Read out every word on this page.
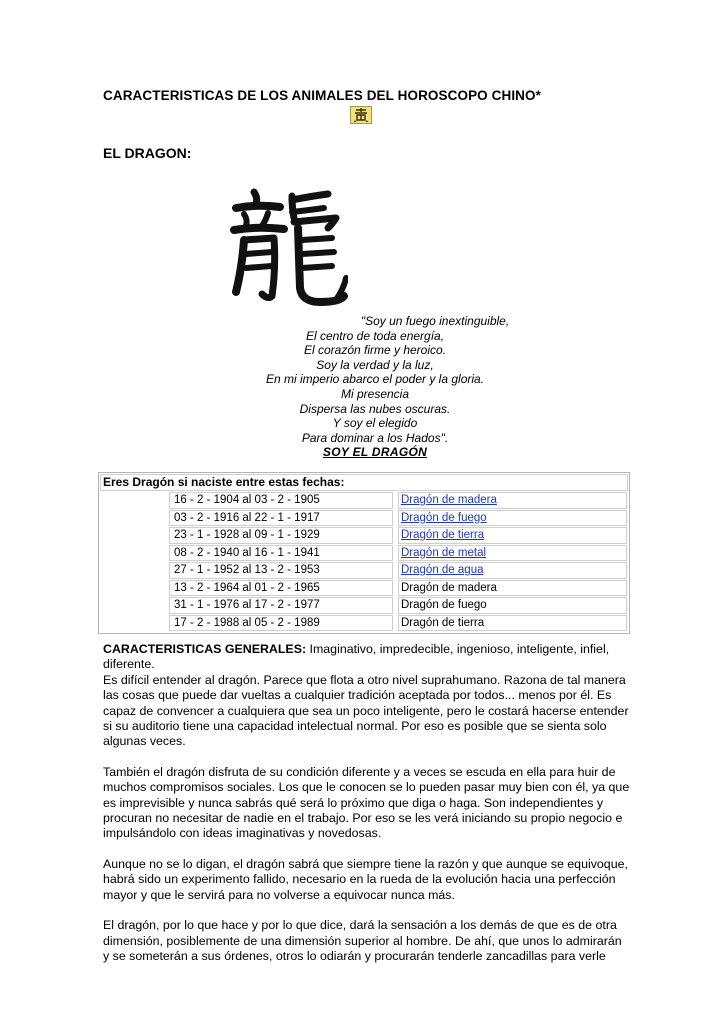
CARACTERISTICAS DE LOS ANIMALES DEL HOROSCOPO CHINO*
EL DRAGON:
"Soy un fuego inextinguible,
El centro de toda energía,
El corazón firme y heroico.
Soy la verdad y la luz,
En mi imperio abarco el poder y la gloria.
Mi presencia
Dispersa las nubes oscuras.
Y soy el elegido
Para dominar a los Hados".
SOY EL DRAGÓN
Eres Dragón si naciste entre estas fechas:
16 - 2 - 1904 al 03 - 2 - 1905	Dragón de madera
03 - 2 - 1916 al 22 - 1 - 1917	Dragón de fuego
23 - 1 - 1928 al 09 - 1 - 1929	Dragón de tierra
08 - 2 - 1940 al 16 - 1 - 1941	Dragón de metal
27 - 1 - 1952 al 13 - 2 - 1953	Dragón de agua
13 - 2 - 1964 al 01 - 2 - 1965	Dragón de madera
31 - 1 - 1976 al 17 - 2 - 1977	Dragón de fuego
17 - 2 - 1988 al 05 - 2 - 1989	Dragón de tierra

CARACTERISTICAS GENERALES: Imaginativo, impredecible, ingenioso, inteligente, infiel, diferente.
Es difícil entender al dragón. Parece que flota a otro nivel suprahumano. Razona de tal manera las cosas que puede dar vueltas a cualquier tradición aceptada por todos... menos por él. Es capaz de convencer a cualquiera que sea un poco inteligente, pero le costará hacerse entender si su auditorio tiene una capacidad intelectual normal. Por eso es posible que se sienta solo algunas veces.

También el dragón disfruta de su condición diferente y a veces se escuda en ella para huir de muchos compromisos sociales. Los que le conocen se lo pueden pasar muy bien con él, ya que es imprevisible y nunca sabrás qué será lo próximo que diga o haga. Son independientes y procuran no necesitar de nadie en el trabajo. Por eso se les verá iniciando su propio negocio e impulsándolo con ideas imaginativas y novedosas.

Aunque no se lo digan, el dragón sabrá que siempre tiene la razón y que aunque se equivoque, habrá sido un experimento fallido, necesario en la rueda de la evolución hacia una perfección mayor y que le servirá para no volverse a equivocar nunca más.

El dragón, por lo que hace y por lo que dice, dará la sensación a los demás de que es de otra dimensión, posiblemente de una dimensión superior al hombre. De ahí, que unos lo admirarán y se someterán a sus órdenes, otros lo odiarán y procurarán tenderle zancadillas para verle
